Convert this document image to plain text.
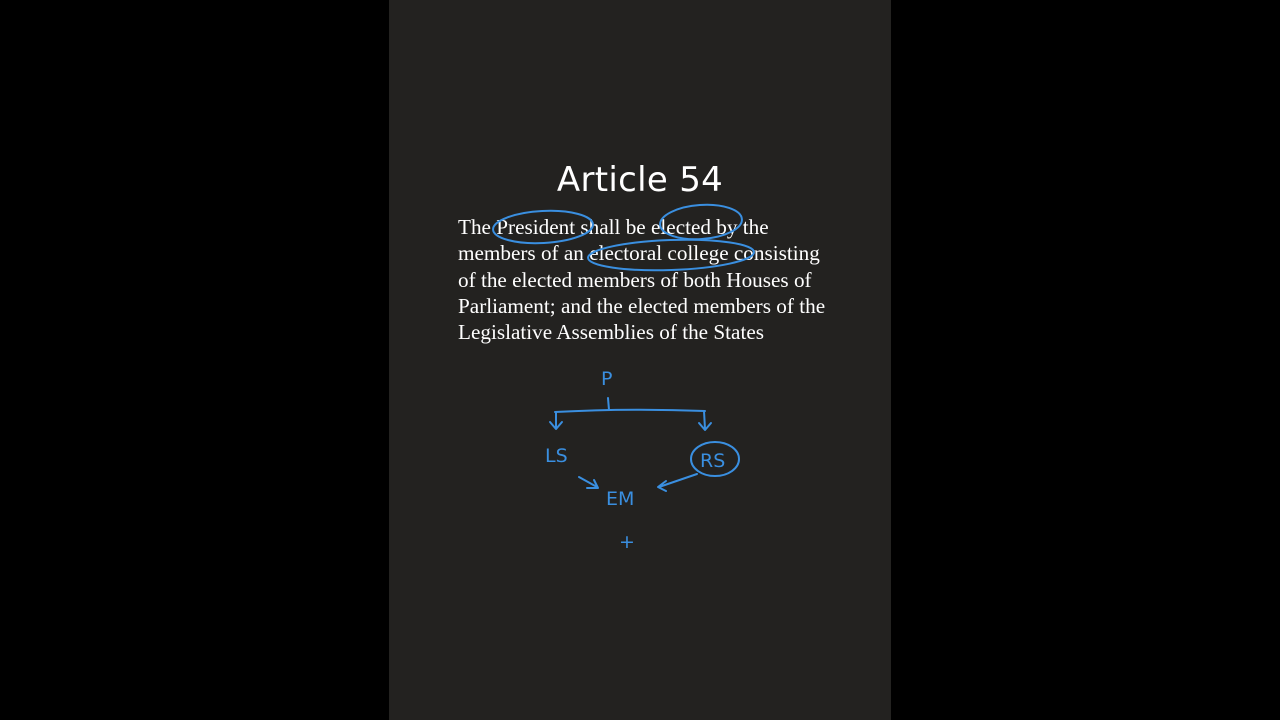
Article 54
The President shall be elected by the
members of an electoral college consisting
of the elected members of both Houses of
Parliament; and the elected members of the
Legislative Assemblies of the States
P
LS	RS
EM
+
